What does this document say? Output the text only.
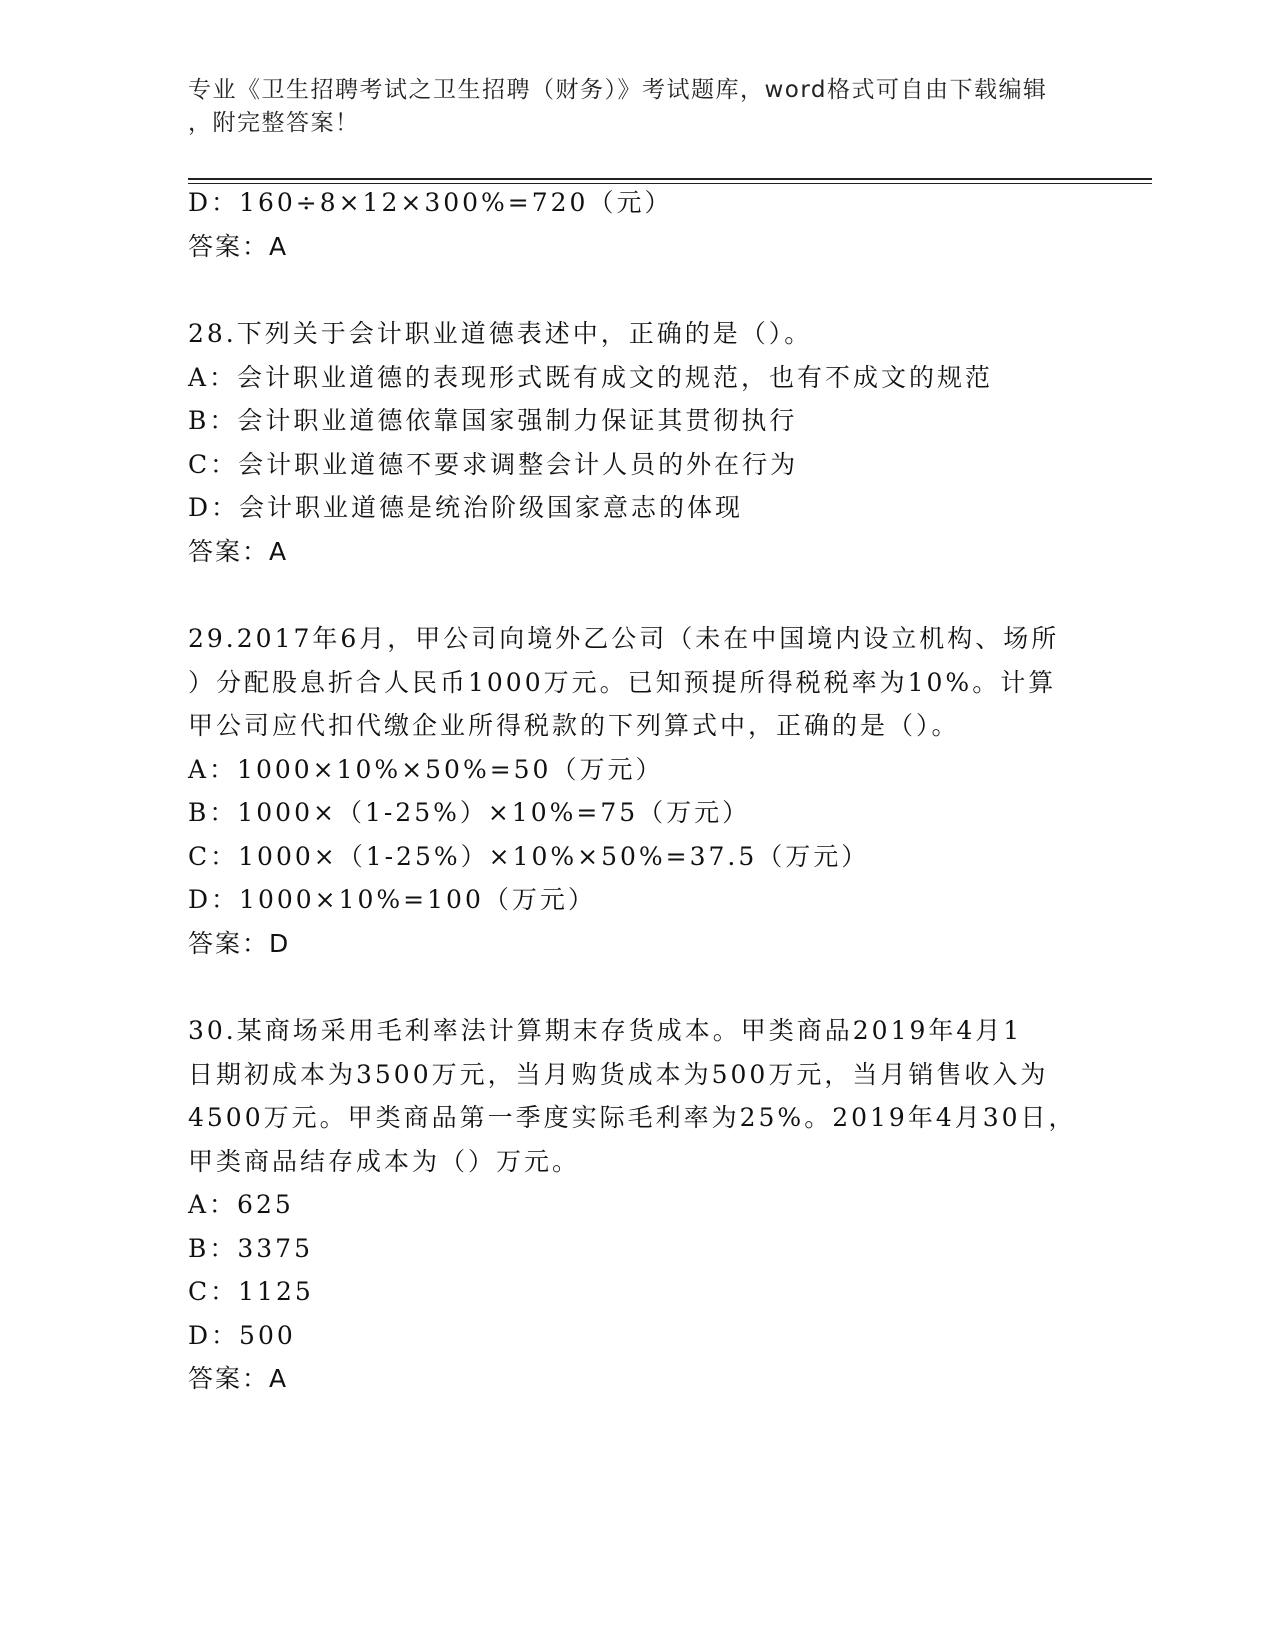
专业《卫生招聘考试之卫生招聘（财务）》考试题库，word格式可自由下载编辑
，附完整答案！
D：160÷8×12×300%=720（元）
答案：A
28.下列关于会计职业道德表述中，正确的是（）。
A：会计职业道德的表现形式既有成文的规范，也有不成文的规范
B：会计职业道德依靠国家强制力保证其贯彻执行
C：会计职业道德不要求调整会计人员的外在行为
D：会计职业道德是统治阶级国家意志的体现
答案：A
29.2017年6月，甲公司向境外乙公司（未在中国境内设立机构、场所
）分配股息折合人民币1000万元。已知预提所得税税率为10%。计算
甲公司应代扣代缴企业所得税款的下列算式中，正确的是（）。
A：1000×10%×50%=50（万元）
B：1000×（1-25%）×10%=75（万元）
C：1000×（1-25%）×10%×50%=37.5（万元）
D：1000×10%=100（万元）
答案：D
30.某商场采用毛利率法计算期末存货成本。甲类商品2019年4月1
日期初成本为3500万元，当月购货成本为500万元，当月销售收入为
4500万元。甲类商品第一季度实际毛利率为25%。2019年4月30日，
甲类商品结存成本为（）万元。
A：625
B：3375
C：1125
D：500
答案：A
